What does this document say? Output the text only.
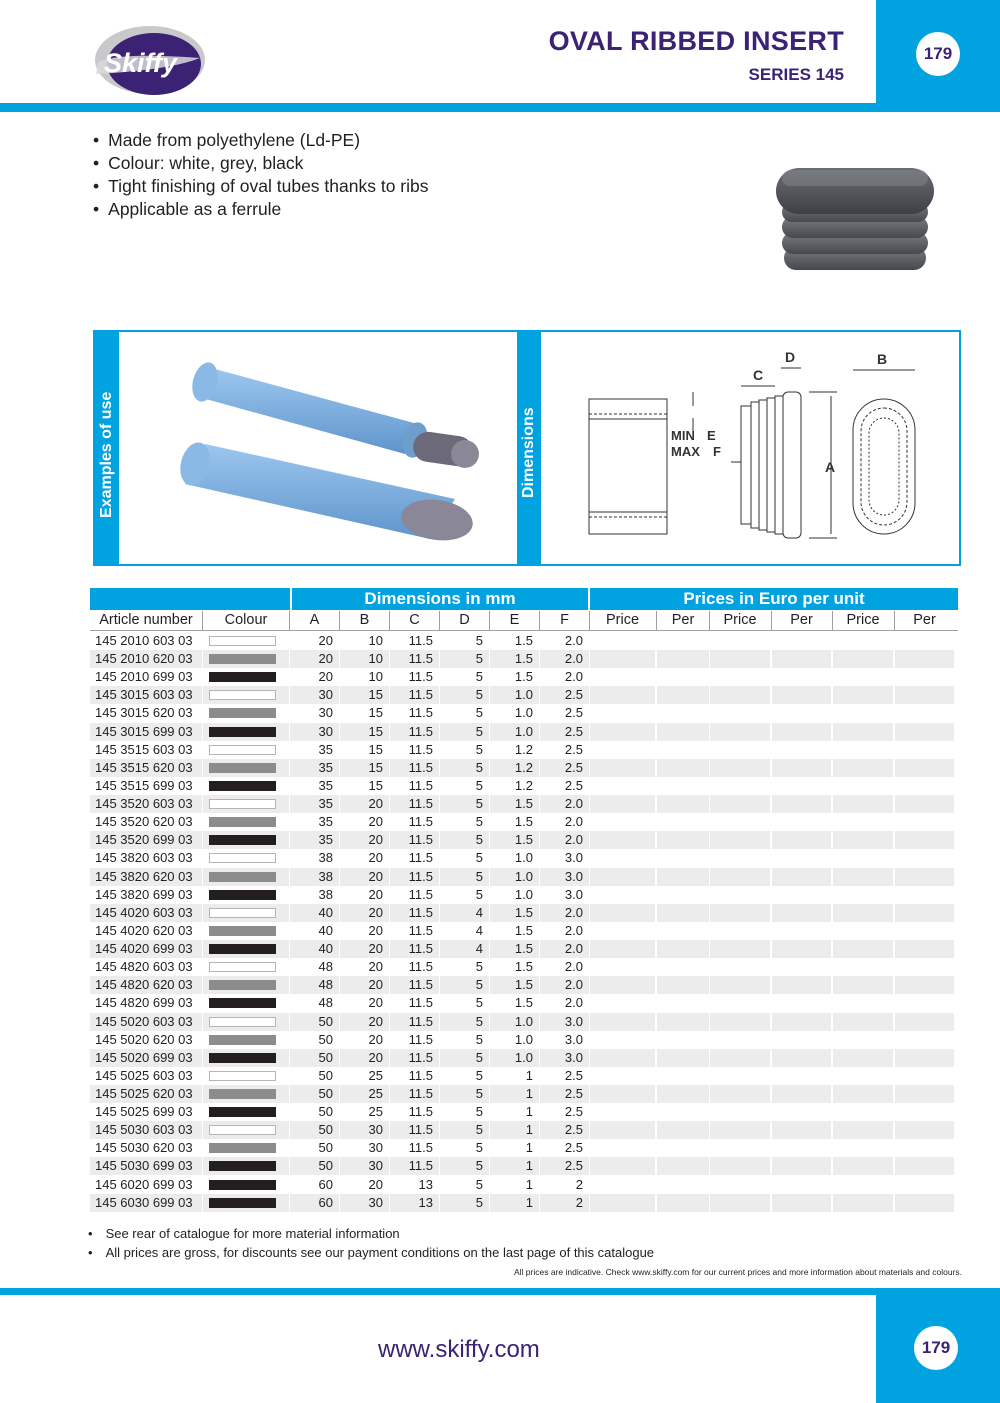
Skiffy
OVAL RIBBED INSERT
SERIES 145
179
• Made from polyethylene (Ld-PE)
• Colour: white, grey, black
• Tight finishing of oval tubes thanks to ribs
• Applicable as a ferrule
Examples of use	Dimensions	A
B
C
D
MIN E
MAX F
Dimensions in mm	Prices in Euro per unit
Article number	Colour	A	B	C	D	E	F	Price	Per	Price	Per	Price	Per
145 2010 603 03	20	10	11.5	5	1.5	2.0
145 2010 620 03	20	10	11.5	5	1.5	2.0
145 2010 699 03	20	10	11.5	5	1.5	2.0
145 3015 603 03	30	15	11.5	5	1.0	2.5
145 3015 620 03	30	15	11.5	5	1.0	2.5
145 3015 699 03	30	15	11.5	5	1.0	2.5
145 3515 603 03	35	15	11.5	5	1.2	2.5
145 3515 620 03	35	15	11.5	5	1.2	2.5
145 3515 699 03	35	15	11.5	5	1.2	2.5
145 3520 603 03	35	20	11.5	5	1.5	2.0
145 3520 620 03	35	20	11.5	5	1.5	2.0
145 3520 699 03	35	20	11.5	5	1.5	2.0
145 3820 603 03	38	20	11.5	5	1.0	3.0
145 3820 620 03	38	20	11.5	5	1.0	3.0
145 3820 699 03	38	20	11.5	5	1.0	3.0
145 4020 603 03	40	20	11.5	4	1.5	2.0
145 4020 620 03	40	20	11.5	4	1.5	2.0
145 4020 699 03	40	20	11.5	4	1.5	2.0
145 4820 603 03	48	20	11.5	5	1.5	2.0
145 4820 620 03	48	20	11.5	5	1.5	2.0
145 4820 699 03	48	20	11.5	5	1.5	2.0
145 5020 603 03	50	20	11.5	5	1.0	3.0
145 5020 620 03	50	20	11.5	5	1.0	3.0
145 5020 699 03	50	20	11.5	5	1.0	3.0
145 5025 603 03	50	25	11.5	5	1	2.5
145 5025 620 03	50	25	11.5	5	1	2.5
145 5025 699 03	50	25	11.5	5	1	2.5
145 5030 603 03	50	30	11.5	5	1	2.5
145 5030 620 03	50	30	11.5	5	1	2.5
145 5030 699 03	50	30	11.5	5	1	2.5
145 6020 699 03	60	20	13	5	1	2
145 6030 699 03	60	30	13	5	1	2
• See rear of catalogue for more material information
• All prices are gross, for discounts see our payment conditions on the last page of this catalogue
All prices are indicative. Check www.skiffy.com for our current prices and more information about materials and colours.
www.skiffy.com	179
